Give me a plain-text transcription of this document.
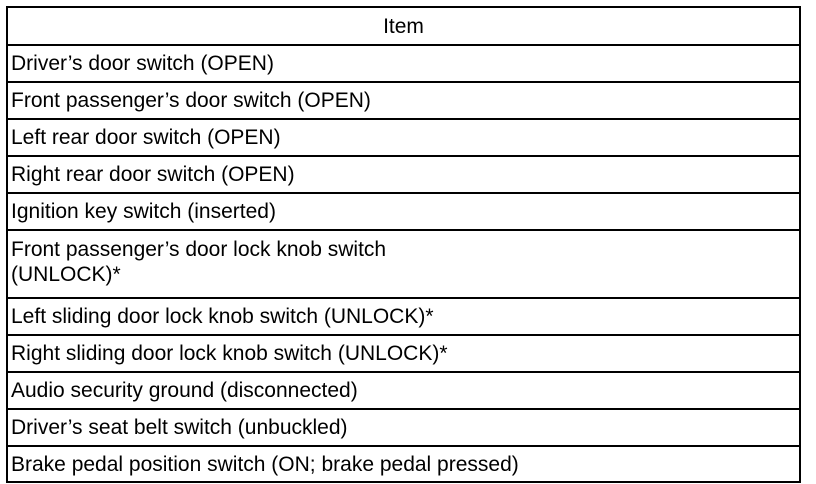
Item
Driver’s door switch (OPEN)
Front passenger’s door switch (OPEN)
Left rear door switch (OPEN)
Right rear door switch (OPEN)
Ignition key switch (inserted)
Front passenger’s door lock knob switch
(UNLOCK)*
Left sliding door lock knob switch (UNLOCK)*
Right sliding door lock knob switch (UNLOCK)*
Audio security ground (disconnected)
Driver’s seat belt switch (unbuckled)
Brake pedal position switch (ON; brake pedal pressed)
